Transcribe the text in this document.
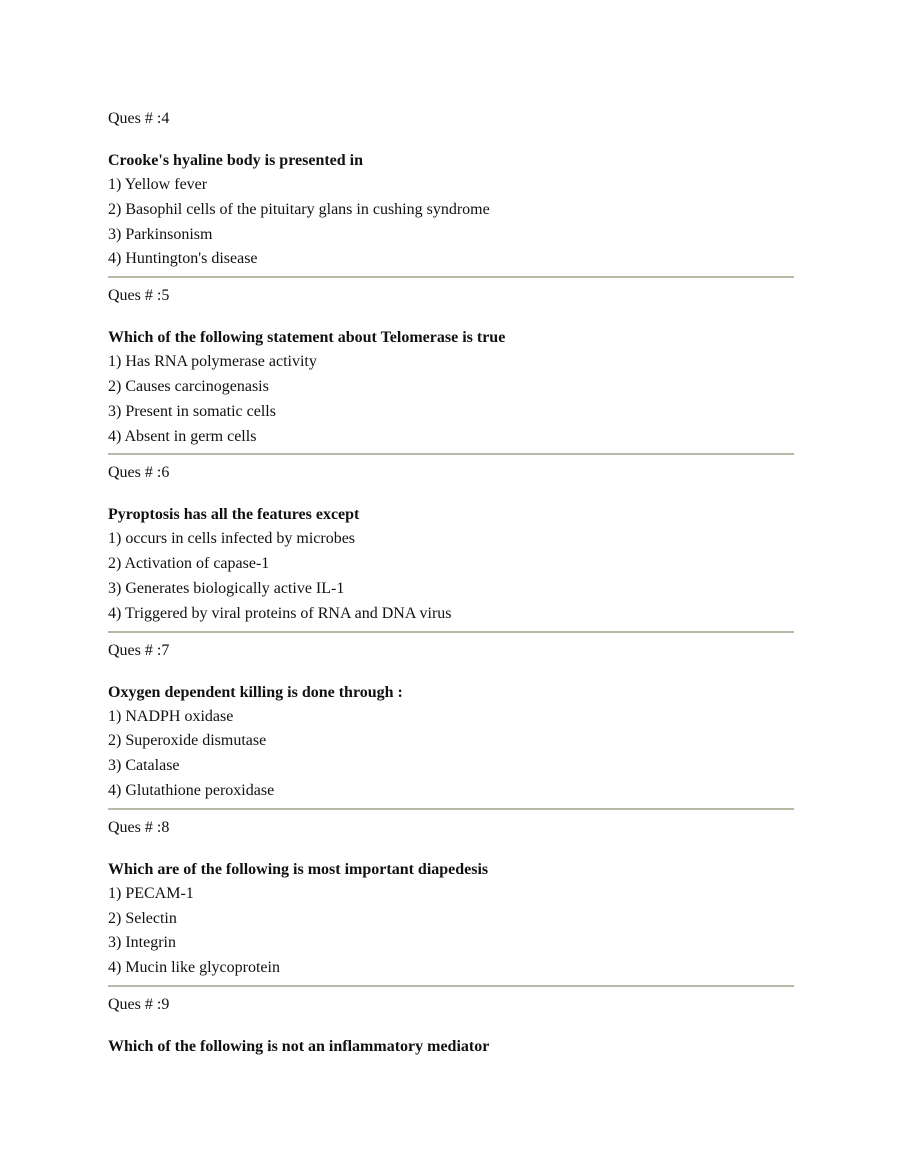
Ques # :4
Crooke's hyaline body is presented in
1) Yellow fever
2) Basophil cells of the pituitary glans in cushing syndrome
3) Parkinsonism
4) Huntington's disease
Ques # :5
Which of the following statement about Telomerase is true
1) Has RNA polymerase activity
2) Causes carcinogenasis
3) Present in somatic cells
4) Absent in germ cells
Ques # :6
Pyroptosis has all the features except
1) occurs in cells infected by microbes
2) Activation of capase-1
3) Generates biologically active IL-1
4) Triggered by viral proteins of RNA and DNA virus
Ques # :7
Oxygen dependent killing is done through :
1) NADPH oxidase
2) Superoxide dismutase
3) Catalase
4) Glutathione peroxidase
Ques # :8
Which are of the following is most important diapedesis
1) PECAM-1
2) Selectin
3) Integrin
4) Mucin like glycoprotein
Ques # :9
Which of the following is not an inflammatory mediator
